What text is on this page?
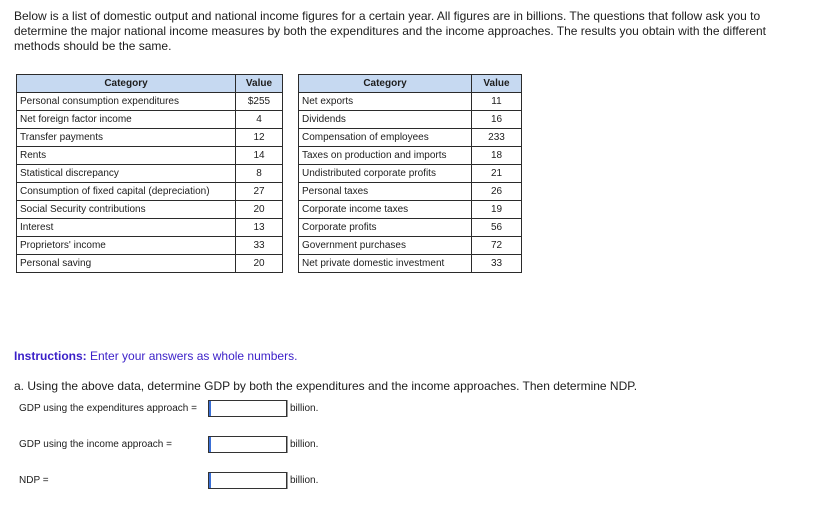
Below is a list of domestic output and national income figures for a certain year. All figures are in billions. The questions that follow ask you to determine the major national income measures by both the expenditures and the income approaches. The results you obtain with the different methods should be the same.
Category	Value
Personal consumption expenditures	$255
Net foreign factor income	4
Transfer payments	12
Rents	14
Statistical discrepancy	8
Consumption of fixed capital (depreciation)	27
Social Security contributions	20
Interest	13
Proprietors' income	33
Personal saving	20
Category	Value
Net exports	11
Dividends	16
Compensation of employees	233
Taxes on production and imports	18
Undistributed corporate profits	21
Personal taxes	26
Corporate income taxes	19
Corporate profits	56
Government purchases	72
Net private domestic investment	33
Instructions: Enter your answers as whole numbers.
a. Using the above data, determine GDP by both the expenditures and the income approaches. Then determine NDP.
GDP using the expenditures approach =	billion.
GDP using the income approach =	billion.
NDP =	billion.
